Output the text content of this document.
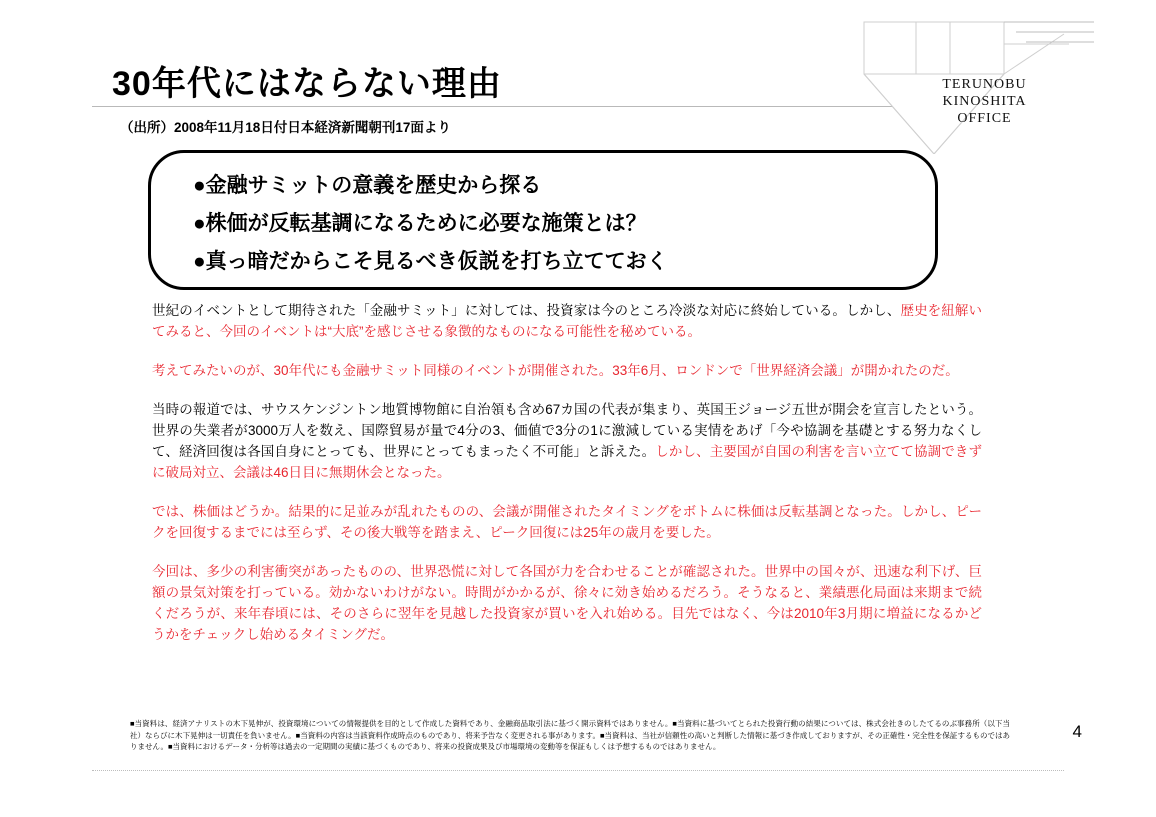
30年代にはならない理由
（出所）2008年11月18日付日本経済新聞朝刊17面より
TERUNOBU
KINOSHITA
OFFICE
●金融サミットの意義を歴史から探る
●株価が反転基調になるために必要な施策とは？
●真っ暗だからこそ見るべき仮説を打ち立てておく
世紀のイベントとして期待された「金融サミット」に対しては、投資家は今のところ冷淡な対応に終始している。しかし、歴史を紐解いてみると、今回のイベントは“大底”を感じさせる象徴的なものになる可能性を秘めている。
考えてみたいのが、30年代にも金融サミット同様のイベントが開催された。33年6月、ロンドンで「世界経済会議」が開かれたのだ。
当時の報道では、サウスケンジントン地質博物館に自治領も含め67カ国の代表が集まり、英国王ジョージ五世が開会を宣言したという。世界の失業者が3000万人を数え、国際貿易が量で4分の3、価値で3分の1に激減している実情をあげ「今や協調を基礎とする努力なくして、経済回復は各国自身にとっても、世界にとってもまったく不可能」と訴えた。しかし、主要国が自国の利害を言い立てて協調できずに破局対立、会議は46日目に無期休会となった。
では、株価はどうか。結果的に足並みが乱れたものの、会議が開催されたタイミングをボトムに株価は反転基調となった。しかし、ピークを回復するまでには至らず、その後大戦等を踏まえ、ピーク回復には25年の歳月を要した。
今回は、多少の利害衝突があったものの、世界恐慌に対して各国が力を合わせることが確認された。世界中の国々が、迅速な利下げ、巨額の景気対策を打っている。効かないわけがない。時間がかかるが、徐々に効き始めるだろう。そうなると、業績悪化局面は来期まで続くだろうが、来年春頃には、そのさらに翌年を見越した投資家が買いを入れ始める。目先ではなく、今は2010年3月期に増益になるかどうかをチェックし始めるタイミングだ。
■当資料は、経済アナリストの木下晃伸が、投資環境についての情報提供を目的として作成した資料であり、金融商品取引法に基づく開示資料ではありません。■当資料に基づいてとられた投資行動の結果については、株式会社きのしたてるのぶ事務所（以下当社）ならびに木下晃伸は一切責任を負いません。■当資料の内容は当該資料作成時点のものであり、将来予告なく変更される事があります。■当資料は、当社が信頼性の高いと判断した情報に基づき作成しておりますが、その正確性・完全性を保証するものではありません。■当資料におけるデータ・分析等は過去の一定期間の実績に基づくものであり、将来の投資成果及び市場環境の変動等を保証もしくは予想するものではありません。
4
